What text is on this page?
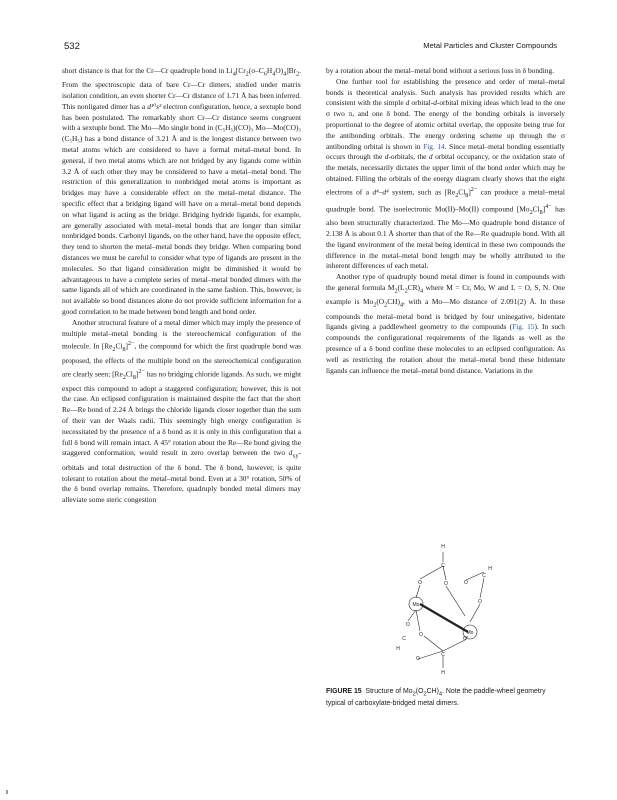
532	Metal Particles and Cluster Compounds

short distance is that for the Cr—Cr quadruple bond in $Li_4[Cr_2(\sigma-C_6H_4O)_4]Br_2$. From the spectroscopic data of bare Cr—Cr dimers, studied under matrix isolation condition, an even shorter Cr—Cr distance of 1.71 Å has been inferred. This nonligated dimer has a d¹⁰s² electron configuration, hence, a sextuple bond has been postulated. The remarkably short Cr—Cr distance seems congruent with a sextuple bond. The Mo—Mo single bond in (C₅H₅)(CO)₃ Mo—Mo(CO)₃ (C₅H₅) has a bond distance of 3.21 Å and is the longest distance between two metal atoms which are considered to have a formal metal–metal bond. In general, if two metal atoms which are not bridged by any ligands come within 3.2 Å of each other they may be considered to have a metal–metal bond. The restriction of this generalization to nonbridged metal atoms is important as bridges may have a considerable effect on the metal–metal distance. The specific effect that a bridging ligand will have on a metal–metal bond depends on what ligand is acting as the bridge. Bridging hydride ligands, for example, are generally associated with metal–metal bonds that are longer than similar nonbridged bonds. Carbonyl ligands, on the other hand, have the opposite effect, they tend to shorten the metal–metal bonds they bridge. When comparing bond distances we must be careful to consider what type of ligands are present in the molecules. So that ligand consideration might be diminished it would be advantageous to have a complete series of metal–metal bonded dimers with the same ligands all of which are coordinated in the same fashion. This, however, is not available so bond distances alone do not provide sufficient information for a good correlation to be made between bond length and bond order.

Another structural feature of a metal dimer which may imply the presence of multiple metal–metal bonding is the stereochemical configuration of the molecule. In $[Re_2Cl_8]^{2-}$, the compound for which the first quadruple bond was proposed, the effects of the multiple bond on the stereochemical configuration are clearly seen; $[Re_2Cl_8]^{2-}$ has no bridging chloride ligands. As such, we might expect this compound to adopt a staggered configuration; however, this is not the case. An eclipsed configuration is maintained despite the fact that the short Re—Re bond of 2.24 Å brings the chloride ligands closer together than the sum of their van der Waals radii. This seemingly high energy configuration is necessitated by the presence of a δ bond as it is only in this configuration that a full δ bond will remain intact. A 45° rotation about the Re—Re bond giving the staggered conformation, would result in zero overlap between the two $d_{xy}$-orbitals and total destruction of the δ bond. The δ bond, however, is quite tolerant to rotation about the metal–metal bond. Even at a 30° rotation, 50% of the δ bond overlap remains. Therefore, quadruply bonded metal dimers may alleviate some steric congestion

by a rotation about the metal–metal bond without a serious loss in δ bonding.

One further tool for establishing the presence and order of metal–metal bonds is theoretical analysis. Such analysis has provided results which are consistent with the simple d orbital-d-orbital mixing ideas which lead to the one σ two π, and one δ bond. The energy of the bonding orbitals is inversely proportional to the degree of atomic orbital overlap, the opposite being true for the antibonding orbitals. The energy ordering scheme up through the σ antibonding orbital is shown in Fig. 14. Since metal–metal bonding essentially occurs through the d-orbitals, the d orbital occupancy, or the oxidation state of the metals, necessarily dictates the upper limit of the bond order which may be obtained. Filling the orbitals of the energy diagram clearly shows that the eight electrons of a d⁴–d⁴ system, such as $[Re_2Cl_8]^{2-}$ can produce a metal–metal quadruple bond. The isoelectronic Mo(II)–Mo(II) compound $[Mo_2Cl_8]^{4-}$ has also been structurally characterized. The Mo—Mo quadruple bond distance of 2.138 Å is about 0.1 Å shorter than that of the Re—Re quadruple bond. With all the ligand environment of the metal being identical in these two compounds the difference in the metal–metal bond length may be wholly attributed to the inherent differences of each metal.

Another type of quadruply bound metal dimer is found in compounds with the general formula $M_2(L_2CR)_4$ where M = Cr, Mo, W and L = O, S, N. One example is $Mo_2(O_2CH)_4$, with a Mo—Mo distance of 2.091(2) Å. In these compounds the metal–metal bond is bridged by four uninegative, bidentate ligands giving a paddlewheel geometry to the compounds (Fig. 15). In such compounds the configurational requirements of the ligands as well as the presence of a δ bond confine these molecules to an eclipsed configuration. As well as restricting the rotation about the metal–metal bond these bidentate ligands can influence the metal–metal bond distance. Variations in the

H
C
O	O	O
C
H
Mo
Mo
O
O
O
C
H
C
O
O
H
FIGURE 15 Structure of $Mo_2(O_2CH)_4$. Note the paddle-wheel geometry typical of carboxylate-bridged metal dimers.
